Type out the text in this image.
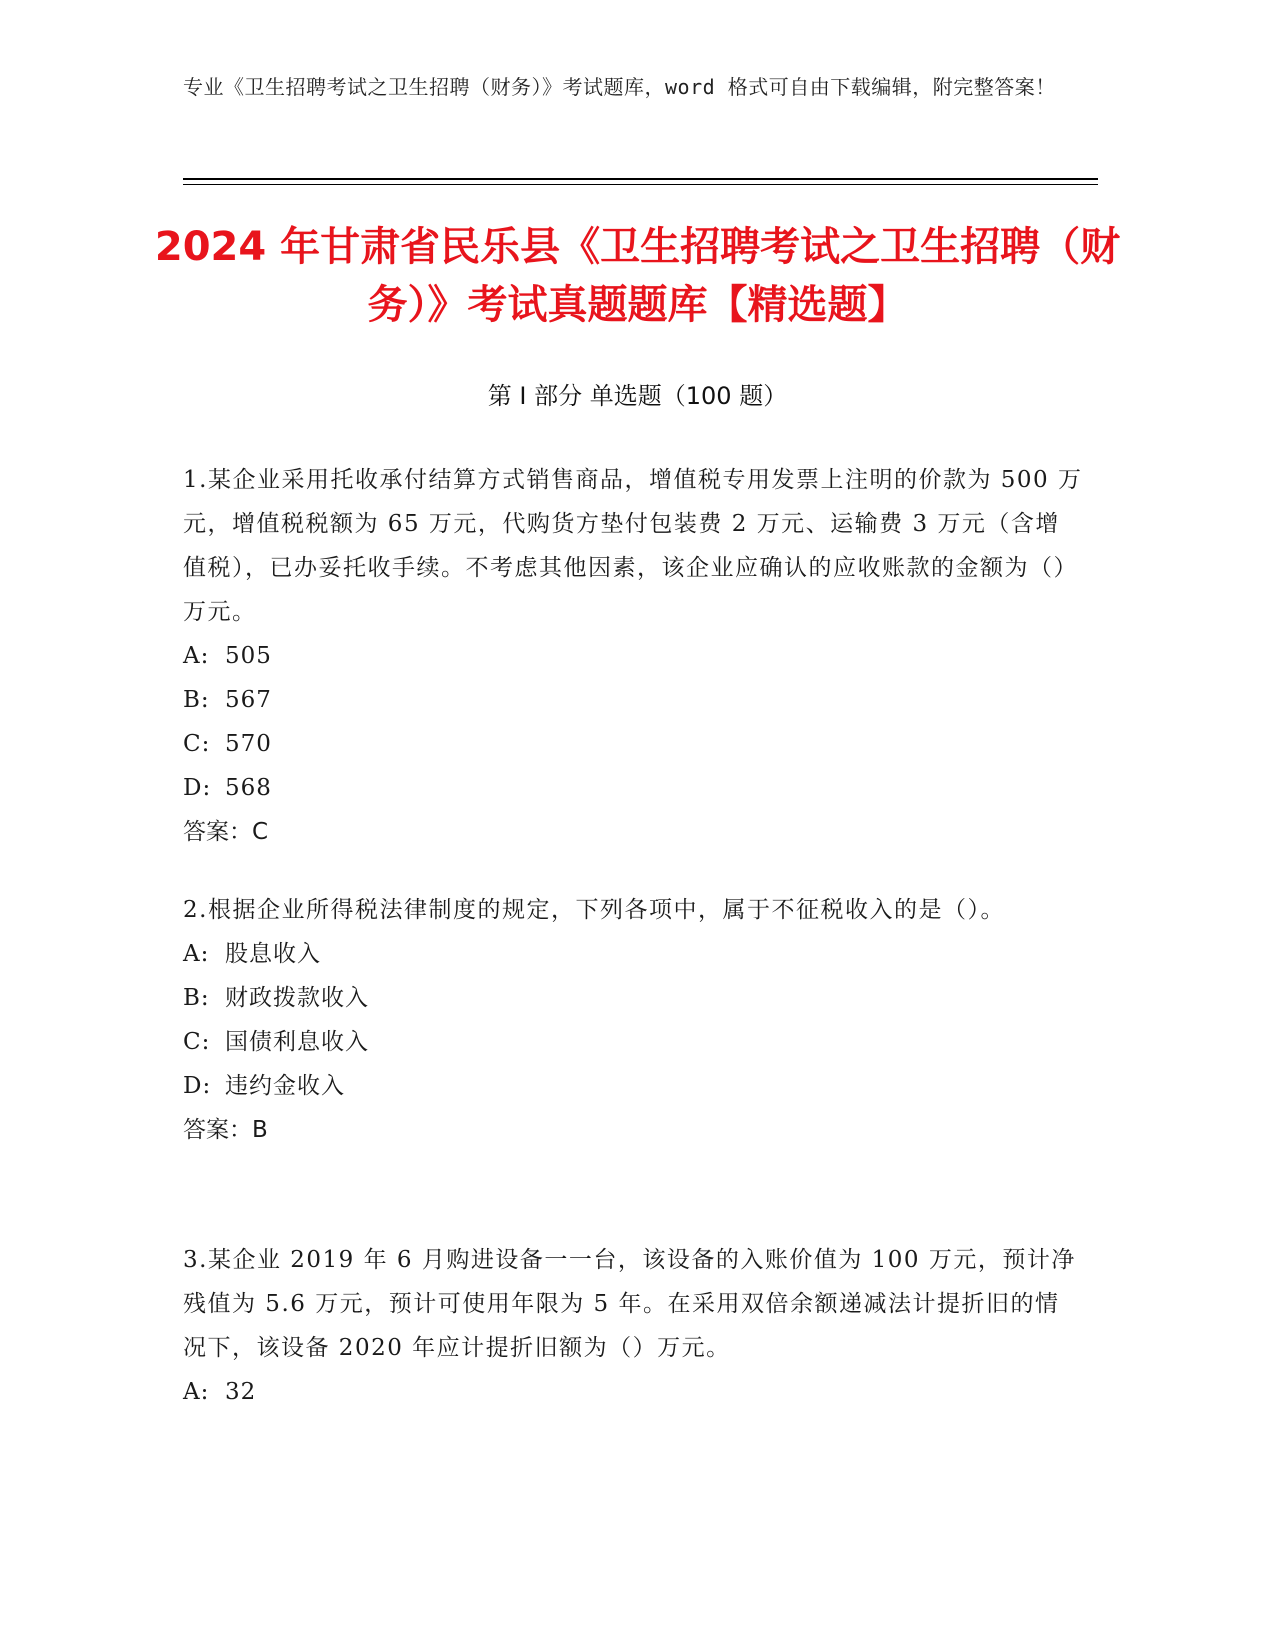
专业《卫生招聘考试之卫生招聘（财务）》考试题库，word 格式可自由下载编辑，附完整答案！
2024 年甘肃省民乐县《卫生招聘考试之卫生招聘（财务）》考试真题题库【精选题】
第 I 部分 单选题（100 题）

1.某企业采用托收承付结算方式销售商品，增值税专用发票上注明的价款为 500 万元，增值税税额为 65 万元，代购货方垫付包装费 2 万元、运输费 3 万元（含增值税），已办妥托收手续。不考虑其他因素，该企业应确认的应收账款的金额为（）万元。

A: 505

B: 567

C: 570

D: 568

答案：C

2.根据企业所得税法律制度的规定，下列各项中，属于不征税收入的是（）。

A: 股息收入

B: 财政拨款收入

C: 国债利息收入

D: 违约金收入

答案：B

3.某企业 2019 年 6 月购进设备一一台，该设备的入账价值为 100 万元，预计净残值为 5.6 万元，预计可使用年限为 5 年。在采用双倍余额递减法计提折旧的情况下，该设备 2020 年应计提折旧额为（）万元。

A: 32
